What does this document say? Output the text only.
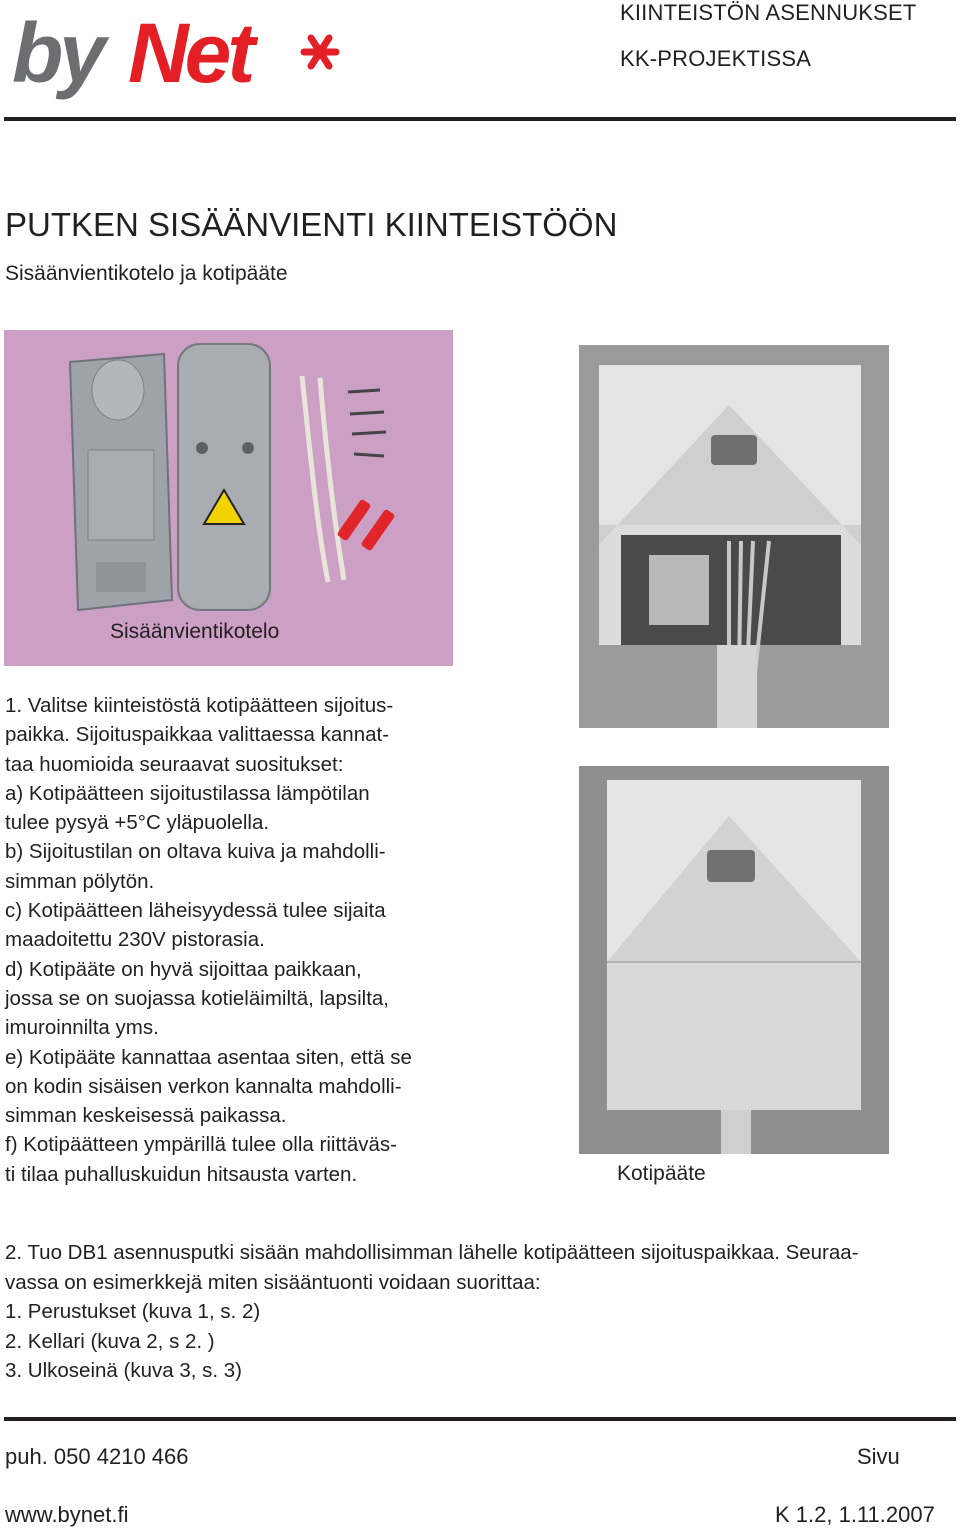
by Net	KIINTEISTÖN ASENNUKSET
KK-PROJEKTISSA
PUTKEN SISÄÄNVIENTI KIINTEISTÖÖN
Sisäänvientikotelo ja kotipääte
Sisäänvientikotelo
Kotipääte
1. Valitse kiinteistöstä kotipäätteen sijoitus-
paikka. Sijoituspaikkaa valittaessa kannat-
taa huomioida seuraavat suositukset:
a) Kotipäätteen sijoitustilassa lämpötilan
tulee pysyä +5°C yläpuolella.
b) Sijoitustilan on oltava kuiva ja mahdolli-
simman pölytön.
c) Kotipäätteen läheisyydessä tulee sijaita
maadoitettu 230V pistorasia.
d) Kotipääte on hyvä sijoittaa paikkaan,
jossa se on suojassa kotieläimiltä, lapsilta,
imuroinnilta yms.
e) Kotipääte kannattaa asentaa siten, että se
on kodin sisäisen verkon kannalta mahdolli-
simman keskeisessä paikassa.
f) Kotipäätteen ympärillä tulee olla riittäväs-
ti tilaa puhalluskuidun hitsausta varten.
2. Tuo DB1 asennusputki sisään mahdollisimman lähelle kotipäätteen sijoituspaikkaa. Seuraa-
vassa on esimerkkejä miten sisääntuonti voidaan suorittaa:
1. Perustukset (kuva 1, s. 2)
2. Kellari (kuva 2, s 2. )
3. Ulkoseinä (kuva 3, s. 3)
puh. 050 4210 466	Sivu
www.bynet.fi	K 1.2, 1.11.2007
